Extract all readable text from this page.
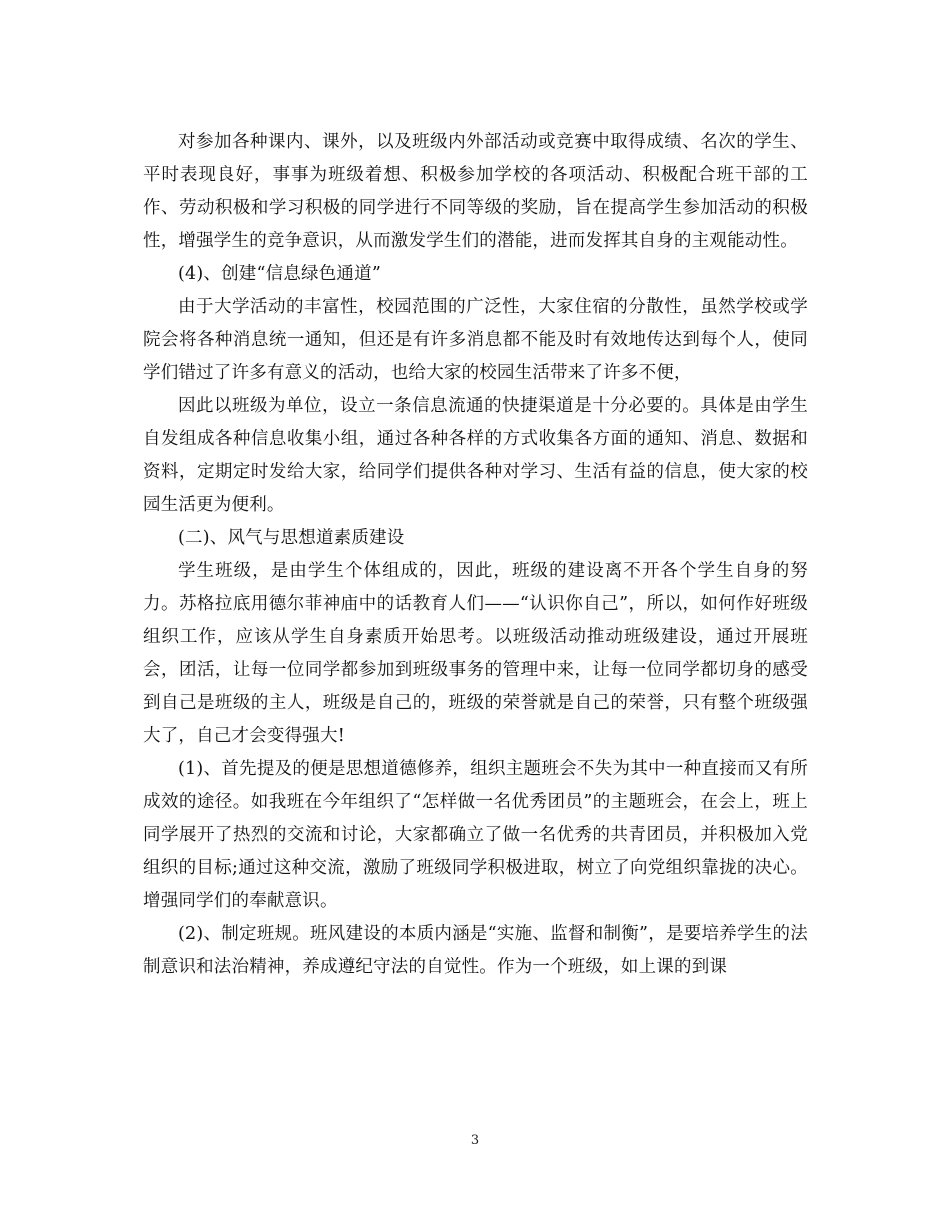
对参加各种课内、课外，以及班级内外部活动或竞赛中取得成绩、名次的学生、平时表现良好，事事为班级着想、积极参加学校的各项活动、积极配合班干部的工作、劳动积极和学习积极的同学进行不同等级的奖励，旨在提高学生参加活动的积极性，增强学生的竞争意识，从而激发学生们的潜能，进而发挥其自身的主观能动性。

(4)、创建“信息绿色通道”

由于大学活动的丰富性，校园范围的广泛性，大家住宿的分散性，虽然学校或学院会将各种消息统一通知，但还是有许多消息都不能及时有效地传达到每个人，使同学们错过了许多有意义的活动，也给大家的校园生活带来了许多不便，

因此以班级为单位，设立一条信息流通的快捷渠道是十分必要的。具体是由学生自发组成各种信息收集小组，通过各种各样的方式收集各方面的通知、消息、数据和资料，定期定时发给大家，给同学们提供各种对学习、生活有益的信息，使大家的校园生活更为便利。

(二)、风气与思想道素质建设

学生班级，是由学生个体组成的，因此，班级的建设离不开各个学生自身的努力。苏格拉底用德尔菲神庙中的话教育人们——“认识你自己”，所以，如何作好班级组织工作，应该从学生自身素质开始思考。以班级活动推动班级建设，通过开展班会，团活，让每一位同学都参加到班级事务的管理中来，让每一位同学都切身的感受到自己是班级的主人，班级是自己的，班级的荣誉就是自己的荣誉，只有整个班级强大了，自己才会变得强大!

(1)、首先提及的便是思想道德修养，组织主题班会不失为其中一种直接而又有所成效的途径。如我班在今年组织了“怎样做一名优秀团员”的主题班会，在会上，班上同学展开了热烈的交流和讨论，大家都确立了做一名优秀的共青团员，并积极加入党组织的目标;通过这种交流，激励了班级同学积极进取，树立了向党组织靠拢的决心。增强同学们的奉献意识。

(2)、制定班规。班风建设的本质内涵是“实施、监督和制衡”，是要培养学生的法制意识和法治精神，养成遵纪守法的自觉性。作为一个班级，如上课的到课

3
